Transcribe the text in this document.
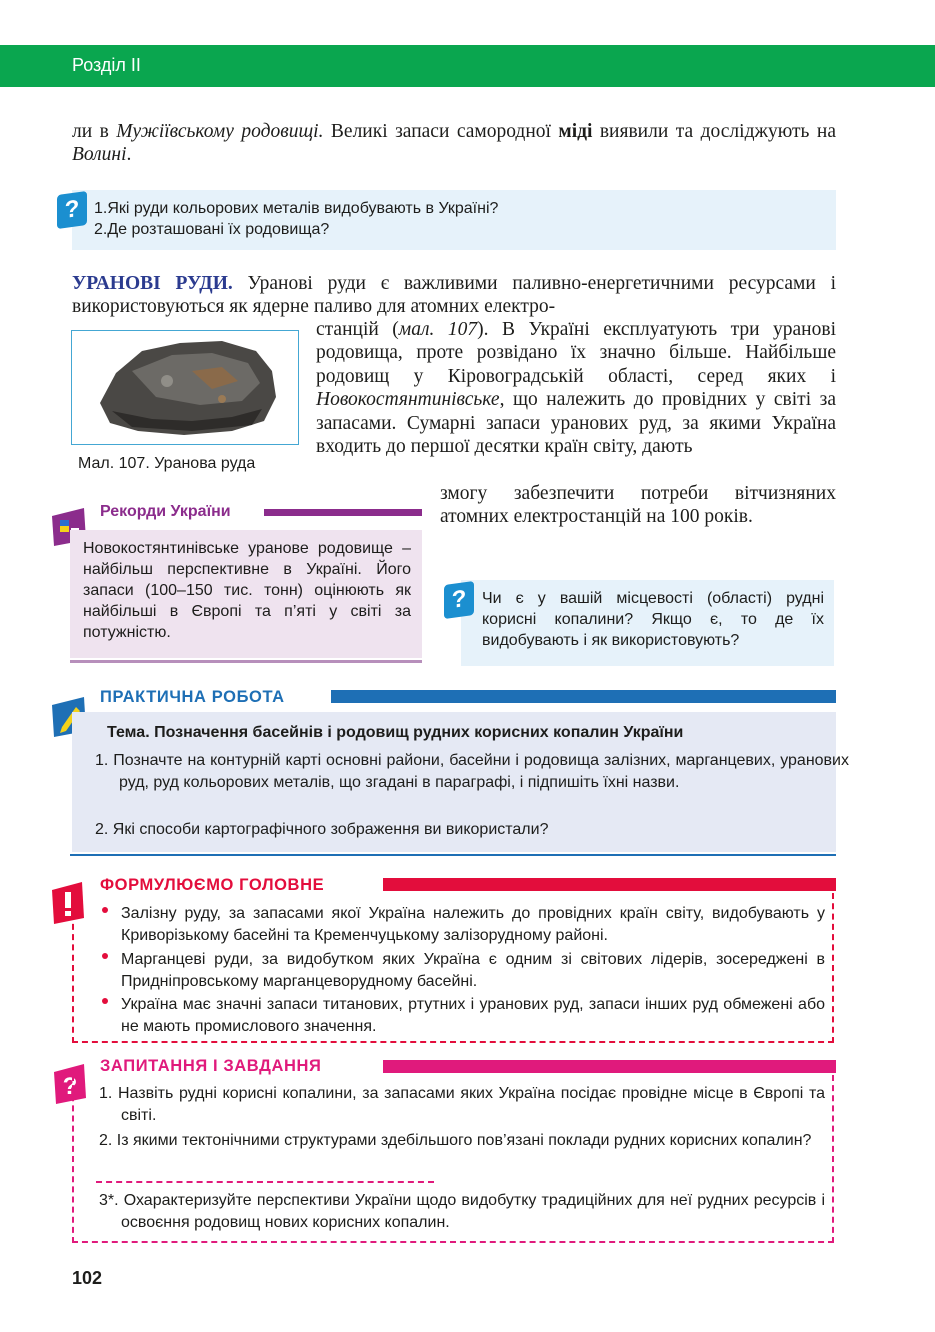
Розділ II
ли в Мужіївському родовищі. Великі запаси самородної міді виявили та досліджують на Волині.
? 1.Які руди кольорових металів видобувають в Україні?
2.Де розташовані їх родовища?
УРАНОВІ РУДИ. Уранові руди є важливими паливно-енергетичними ресурсами і використовуються як ядерне паливо для атомних електро-
станцій (мал. 107). В Україні експлуатують три уранові родовища, проте розвідано їх значно більше. Найбільше родовищ у Кіровоградській області, серед яких і Новокостянтинівське, що належить до провідних у світі за запасами. Сумарні запаси уранових руд, за якими Україна входить до першої десятки країн світу, дають
змогу забезпечити потреби вітчизняних атомних електростанцій на 100 років.
Мал. 107. Уранова руда
Рекорди України
Новокостянтинівське уранове родовище – найбільш перспективне в Україні. Його запаси (100–150 тис. тонн) оцінюють як найбільші в Європі та п’яті у світі за потужністю.
? Чи є у вашій місцевості (області) рудні корисні копалини? Якщо є, то де їх видобувають і як використовують?
ПРАКТИЧНА РОБОТА
Тема. Позначення басейнів і родовищ рудних корисних копалин України
1. Позначте на контурній карті основні райони, басейни і родовища залізних, марганцевих, уранових руд, руд кольорових металів, що згадані в параграфі, і підпишіть їхні назви.
2. Які способи картографічного зображення ви використали?
ФОРМУЛЮЄМО ГОЛОВНЕ
Залізну руду, за запасами якої Україна належить до провідних країн світу, видобувають у Криворізькому басейні та Кременчуцькому залізорудному районі.
Марганцеві руди, за видобутком яких Україна є одним зі світових лідерів, зосереджені в Придніпровському марганцеворудному басейні.
Україна має значні запаси титанових, ртутних і уранових руд, запаси інших руд обмежені або не мають промислового значення.
?
ЗАПИТАННЯ І ЗАВДАННЯ
1. Назвіть рудні корисні копалини, за запасами яких Україна посідає провідне місце в Європі та світі.
2. Із якими тектонічними структурами здебільшого пов’язані поклади рудних корисних копалин?
3*. Охарактеризуйте перспективи України щодо видобутку традиційних для неї рудних ресурсів і освоєння родовищ нових корисних копалин.
102
